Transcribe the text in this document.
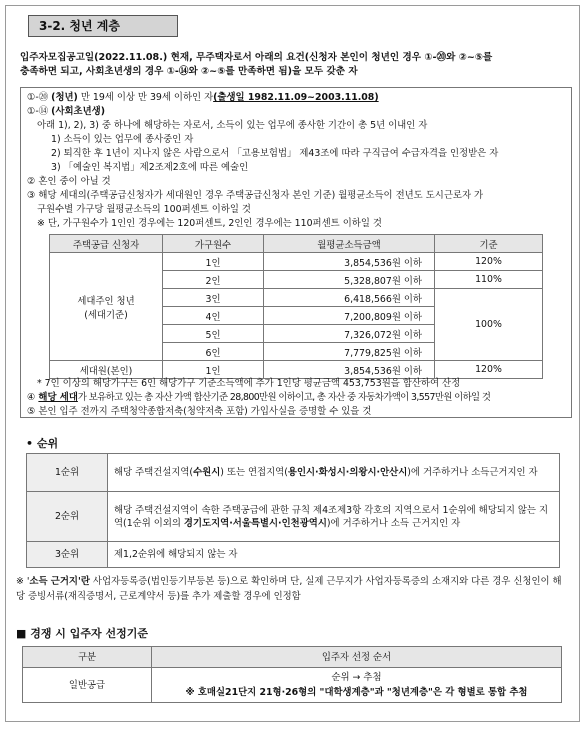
3-2. 청년 계층
입주자모집공고일(2022.11.08.) 현재, 무주택자로서 아래의 요건(신청자 본인이 청년인 경우 ①-⑳와 ②~⑤를
충족하면 되고, 사회초년생의 경우 ①-⑭와 ②~⑤를 만족하면 됨)을 모두 갖춘 자
①-⑳ (청년) 만 19세 이상 만 39세 이하인 자(출생일 1982.11.09~2003.11.08)
①-⑭ (사회초년생)
아래 1), 2), 3) 중 하나에 해당하는 자로서, 소득이 있는 업무에 종사한 기간이 총 5년 이내인 자
1) 소득이 있는 업무에 종사중인 자
2) 퇴직한 후 1년이 지나지 않은 사람으로서 「고용보험법」 제43조에 따라 구직급여 수급자격을 인정받은 자
3) 「예술인 복지법」제2조제2호에 따른 예술인
② 혼인 중이 아닐 것
③ 해당 세대의(주택공급신청자가 세대원인 경우 주택공급신청자 본인 기준) 월평균소득이 전년도 도시근로자 가
구원수별 가구당 월평균소득의 100퍼센트 이하일 것
※ 단, 가구원수가 1인인 경우에는 120퍼센트, 2인인 경우에는 110퍼센트 이하일 것
주택공급 신청자	가구원수	월평균소득금액	기준

세대주인 청년
(세대기준)	1인	3,854,536원 이하	120%
	2인	5,328,807원 이하	110%
	3인	6,418,566원 이하	100%
	4인	7,200,809원 이하	
	5인	7,326,072원 이하	
	6인	7,779,825원 이하	
세대원(본인)	1인	3,854,536원 이하	120%
* 7인 이상의 해당가구는 6인 해당가구 기준소득액에 추가 1인당 평균금액 453,753원을 합산하여 산정
④ 해당 세대가 보유하고 있는 총 자산 가액 합산기준 28,800만원 이하이고, 총 자산 중 자동차가액이 3,557만원 이하일 것
⑤ 본인 입주 전까지 주택청약종합저축(청약저축 포함) 가입사실을 증명할 수 있을 것
• 순위
1순위	해당 주택건설지역(수원시) 또는 연접지역(용인시·화성시·의왕시·안산시)에 거주하거나 소득근거지인 자
2순위	해당 주택건설지역이 속한 주택공급에 관한 규칙 제4조제3항 각호의 지역으로서 1순위에 해당되지 않는 지역(1순위 이외의 경기도지역·서울특별시·인천광역시)에 거주하거나 소득 근거지인 자
3순위	제1,2순위에 해당되지 않는 자
※ '소득 근거지'란 사업자등록증(법인등기부등본 등)으로 확인하며 단, 실제 근무지가 사업자등록증의 소재지와 다른 경우 신청인이 해당 증빙서류(재직증명서, 근로계약서 등)를 추가 제출할 경우에 인정함
■ 경쟁 시 입주자 선정기준
구분	입주자 선정 순서
일반공급	순위 → 추첨
※ 호매실21단지 21형·26형의 "대학생계층"과 "청년계층"은 각 형별로 통합 추첨
